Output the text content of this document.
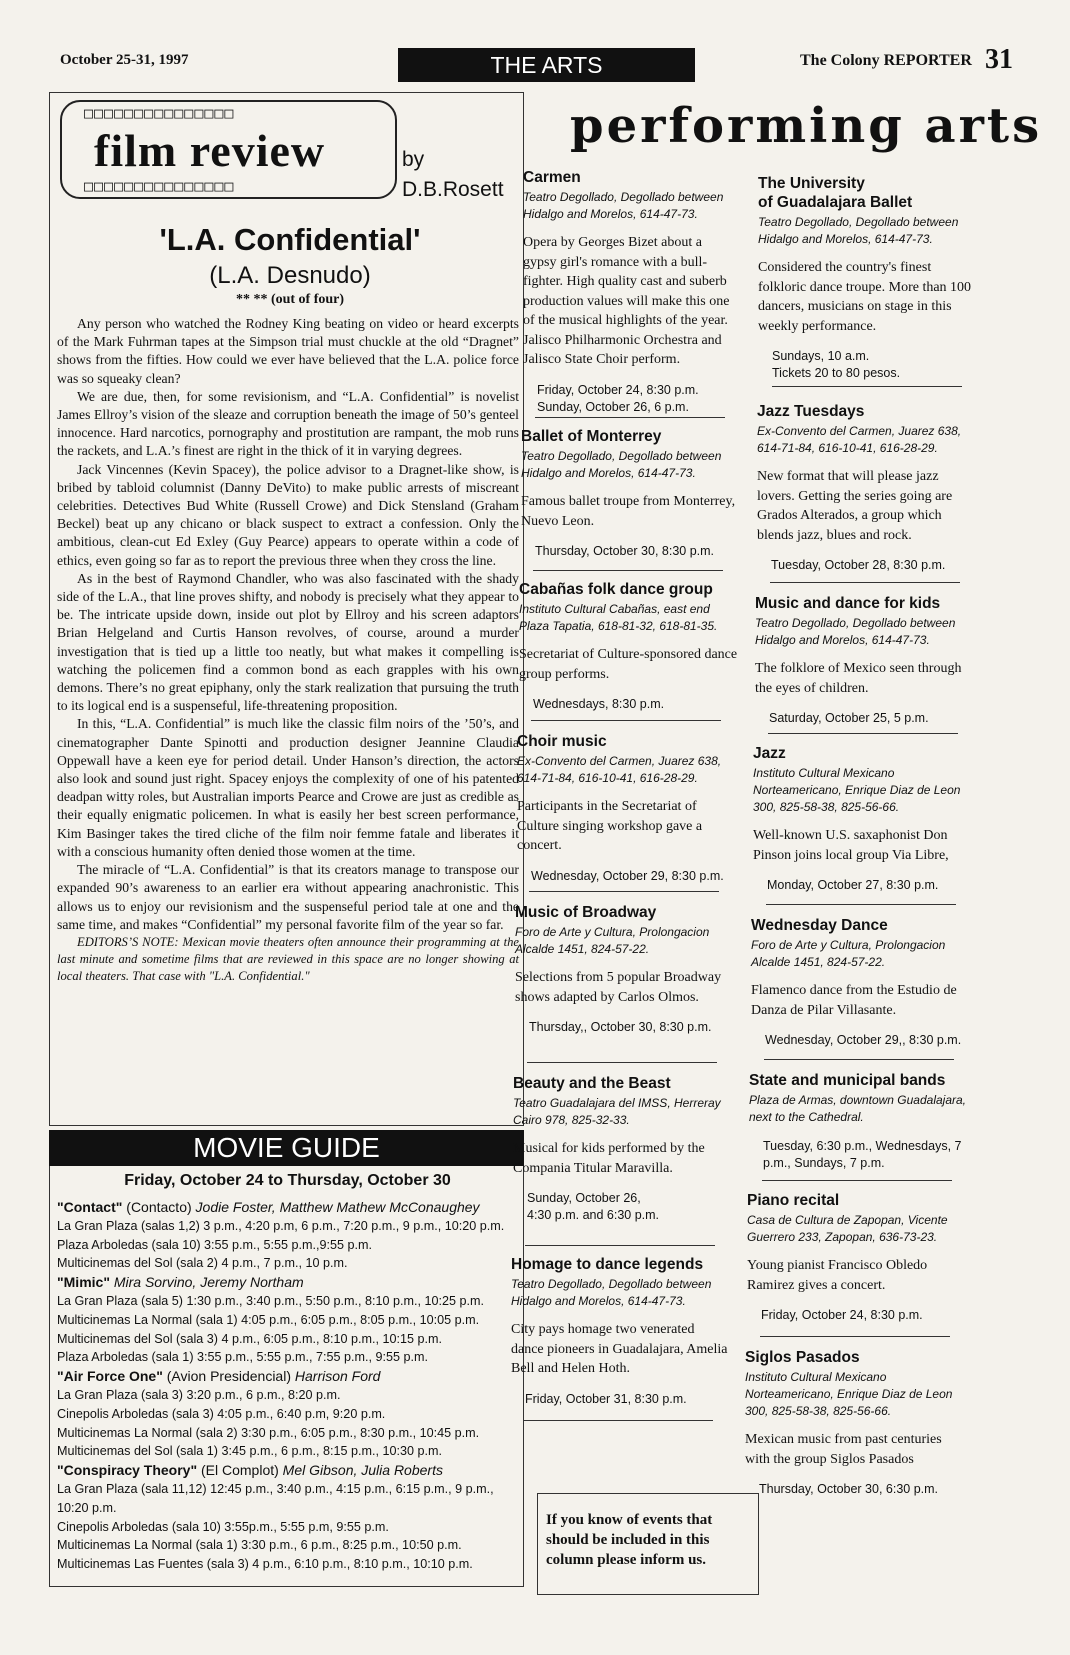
October 25-31, 1997	THE ARTS	The Colony REPORTER 31
□□□□□□□□□□□□□□□
film review
□□□□□□□□□□□□□□□
by
D.B.Rosett
'L.A. Confidential'
(L.A. Desnudo)
** ** (out of four)

Any person who watched the Rodney King beating on video or heard excerpts of the Mark Fuhrman tapes at the Simpson trial must chuckle at the old “Dragnet” shows from the fifties. How could we ever have believed that the L.A. police force was so squeaky clean?

We are due, then, for some revisionism, and “L.A. Confidential” is novelist James Ellroy’s vision of the sleaze and corruption beneath the image of 50’s genteel innocence. Hard narcotics, pornography and prostitution are rampant, the mob runs the rackets, and L.A.’s finest are right in the thick of it in varying degrees.

Jack Vincennes (Kevin Spacey), the police advisor to a Dragnet-like show, is bribed by tabloid columnist (Danny DeVito) to make public arrests of miscreant celebrities. Detectives Bud White (Russell Crowe) and Dick Stensland (Graham Beckel) beat up any chicano or black suspect to extract a confession. Only the ambitious, clean-cut Ed Exley (Guy Pearce) appears to operate within a code of ethics, even going so far as to report the previous three when they cross the line.

As in the best of Raymond Chandler, who was also fascinated with the shady side of the L.A., that line proves shifty, and nobody is precisely what they appear to be. The intricate upside down, inside out plot by Ellroy and his screen adaptors Brian Helgeland and Curtis Hanson revolves, of course, around a murder investigation that is tied up a little too neatly, but what makes it compelling is watching the policemen find a common bond as each grapples with his own demons. There’s no great epiphany, only the stark realization that pursuing the truth to its logical end is a suspenseful, life-threatening proposition.

In this, “L.A. Confidential” is much like the classic film noirs of the ’50’s, and cinematographer Dante Spinotti and production designer Jeannine Claudia Oppewall have a keen eye for period detail. Under Hanson’s direction, the actors also look and sound just right. Spacey enjoys the complexity of one of his patented deadpan witty roles, but Australian imports Pearce and Crowe are just as credible as their equally enigmatic policemen. In what is easily her best screen performance, Kim Basinger takes the tired cliche of the film noir femme fatale and liberates it with a conscious humanity often denied those women at the time.

The miracle of “L.A. Confidential” is that its creators manage to transpose our expanded 90’s awareness to an earlier era without appearing anachronistic. This allows us to enjoy our revisionism and the suspenseful period tale at one and the same time, and makes “Confidential” my personal favorite film of the year so far.

EDITORS’S NOTE: Mexican movie theaters often announce their programming at the last minute and sometime films that are reviewed in this space are no longer showing at local theaters. That case with "L.A. Confidential."

MOVIE GUIDE
Friday, October 24 to Thursday, October 30
"Contact" (Contacto) Jodie Foster, Matthew Mathew McConaughey
La Gran Plaza (salas 1,2) 3 p.m., 4:20 p.m, 6 p.m., 7:20 p.m., 9 p.m., 10:20 p.m.
Plaza Arboledas (sala 10) 3:55 p.m., 5:55 p.m.,9:55 p.m.
Multicinemas del Sol (sala 2) 4 p.m., 7 p.m., 10 p.m.
"Mimic" Mira Sorvino, Jeremy Northam
La Gran Plaza (sala 5) 1:30 p.m., 3:40 p.m., 5:50 p.m., 8:10 p.m., 10:25 p.m.
Multicinemas La Normal (sala 1) 4:05 p.m., 6:05 p.m., 8:05 p.m., 10:05 p.m.
Multicinemas del Sol (sala 3) 4 p.m., 6:05 p.m., 8:10 p.m., 10:15 p.m.
Plaza Arboledas (sala 1) 3:55 p.m., 5:55 p.m., 7:55 p.m., 9:55 p.m.
"Air Force One" (Avion Presidencial) Harrison Ford
La Gran Plaza (sala 3) 3:20 p.m., 6 p.m., 8:20 p.m.
Cinepolis Arboledas (sala 3) 4:05 p.m., 6:40 p.m, 9:20 p.m.
Multicinemas La Normal (sala 2) 3:30 p.m., 6:05 p.m., 8:30 p.m., 10:45 p.m.
Multicinemas del Sol (sala 1) 3:45 p.m., 6 p.m., 8:15 p.m., 10:30 p.m.
"Conspiracy Theory" (El Complot) Mel Gibson, Julia Roberts
La Gran Plaza (sala 11,12) 12:45 p.m., 3:40 p.m., 4:15 p.m., 6:15 p.m., 9 p.m., 10:20 p.m.
Cinepolis Arboledas (sala 10) 3:55p.m., 5:55 p.m, 9:55 p.m.
Multicinemas La Normal (sala 1) 3:30 p.m., 6 p.m., 8:25 p.m., 10:50 p.m.
Multicinemas Las Fuentes (sala 3) 4 p.m., 6:10 p.m., 8:10 p.m., 10:10 p.m.
performing arts
Carmen
Teatro Degollado, Degollado between Hidalgo and Morelos, 614-47-73.
Opera by Georges Bizet about a gypsy girl's romance with a bull-fighter. High quality cast and suberb production values will make this one of the musical highlights of the year. Jalisco Philharmonic Orchestra and Jalisco State Choir perform.
Friday, October 24, 8:30 p.m.
Sunday, October 26, 6 p.m.
Ballet of Monterrey
Teatro Degollado, Degollado between Hidalgo and Morelos, 614-47-73.
Famous ballet troupe from Monterrey, Nuevo Leon.
Thursday, October 30, 8:30 p.m.
Cabañas folk dance group
Instituto Cultural Cabañas, east end Plaza Tapatia, 618-81-32, 618-81-35.
Secretariat of Culture-sponsored dance group performs.
Wednesdays, 8:30 p.m.
Choir music
Ex-Convento del Carmen, Juarez 638, 614-71-84, 616-10-41, 616-28-29.
Participants in the Secretariat of Culture singing workshop gave a concert.
Wednesday, October 29, 8:30 p.m.
Music of Broadway
Foro de Arte y Cultura, Prolongacion Alcalde 1451, 824-57-22.
Selections from 5 popular Broadway shows adapted by Carlos Olmos.
Thursday,, October 30, 8:30 p.m.
Beauty and the Beast
Teatro Guadalajara del IMSS, Herreray Cairo 978, 825-32-33.
Musical for kids performed by the Compania Titular Maravilla.
Sunday, October 26,
4:30 p.m. and 6:30 p.m.
Homage to dance legends
Teatro Degollado, Degollado between Hidalgo and Morelos, 614-47-73.
City pays homage two venerated dance pioneers in Guadalajara, Amelia Bell and Helen Hoth.
Friday, October 31, 8:30 p.m.
The University
of Guadalajara Ballet
Teatro Degollado, Degollado between Hidalgo and Morelos, 614-47-73.
Considered the country's finest folkloric dance troupe. More than 100 dancers, musicians on stage in this weekly performance.
Sundays, 10 a.m.
Tickets 20 to 80 pesos.
Jazz Tuesdays
Ex-Convento del Carmen, Juarez 638, 614-71-84, 616-10-41, 616-28-29.
New format that will please jazz lovers. Getting the series going are Grados Alterados, a group which blends jazz, blues and rock.
Tuesday, October 28, 8:30 p.m.
Music and dance for kids
Teatro Degollado, Degollado between Hidalgo and Morelos, 614-47-73.
The folklore of Mexico seen through the eyes of children.
Saturday, October 25, 5 p.m.
Jazz
Instituto Cultural Mexicano Norteamericano, Enrique Diaz de Leon 300, 825-58-38, 825-56-66.
Well-known U.S. saxaphonist Don Pinson joins local group Via Libre,
Monday, October 27, 8:30 p.m.
Wednesday Dance
Foro de Arte y Cultura, Prolongacion Alcalde 1451, 824-57-22.
Flamenco dance from the Estudio de Danza de Pilar Villasante.
Wednesday, October 29,, 8:30 p.m.
State and municipal bands
Plaza de Armas, downtown Guadalajara, next to the Cathedral.
Tuesday, 6:30 p.m., Wednesdays, 7 p.m., Sundays, 7 p.m.
Piano recital
Casa de Cultura de Zapopan, Vicente Guerrero 233, Zapopan, 636-73-23.
Young pianist Francisco Obledo Ramirez gives a concert.
Friday, October 24, 8:30 p.m.
Siglos Pasados
Instituto Cultural Mexicano Norteamericano, Enrique Diaz de Leon 300, 825-58-38, 825-56-66.
Mexican music from past centuries with the group Siglos Pasados
Thursday, October 30, 6:30 p.m.
If you know of events that should be included in this column please inform us.
